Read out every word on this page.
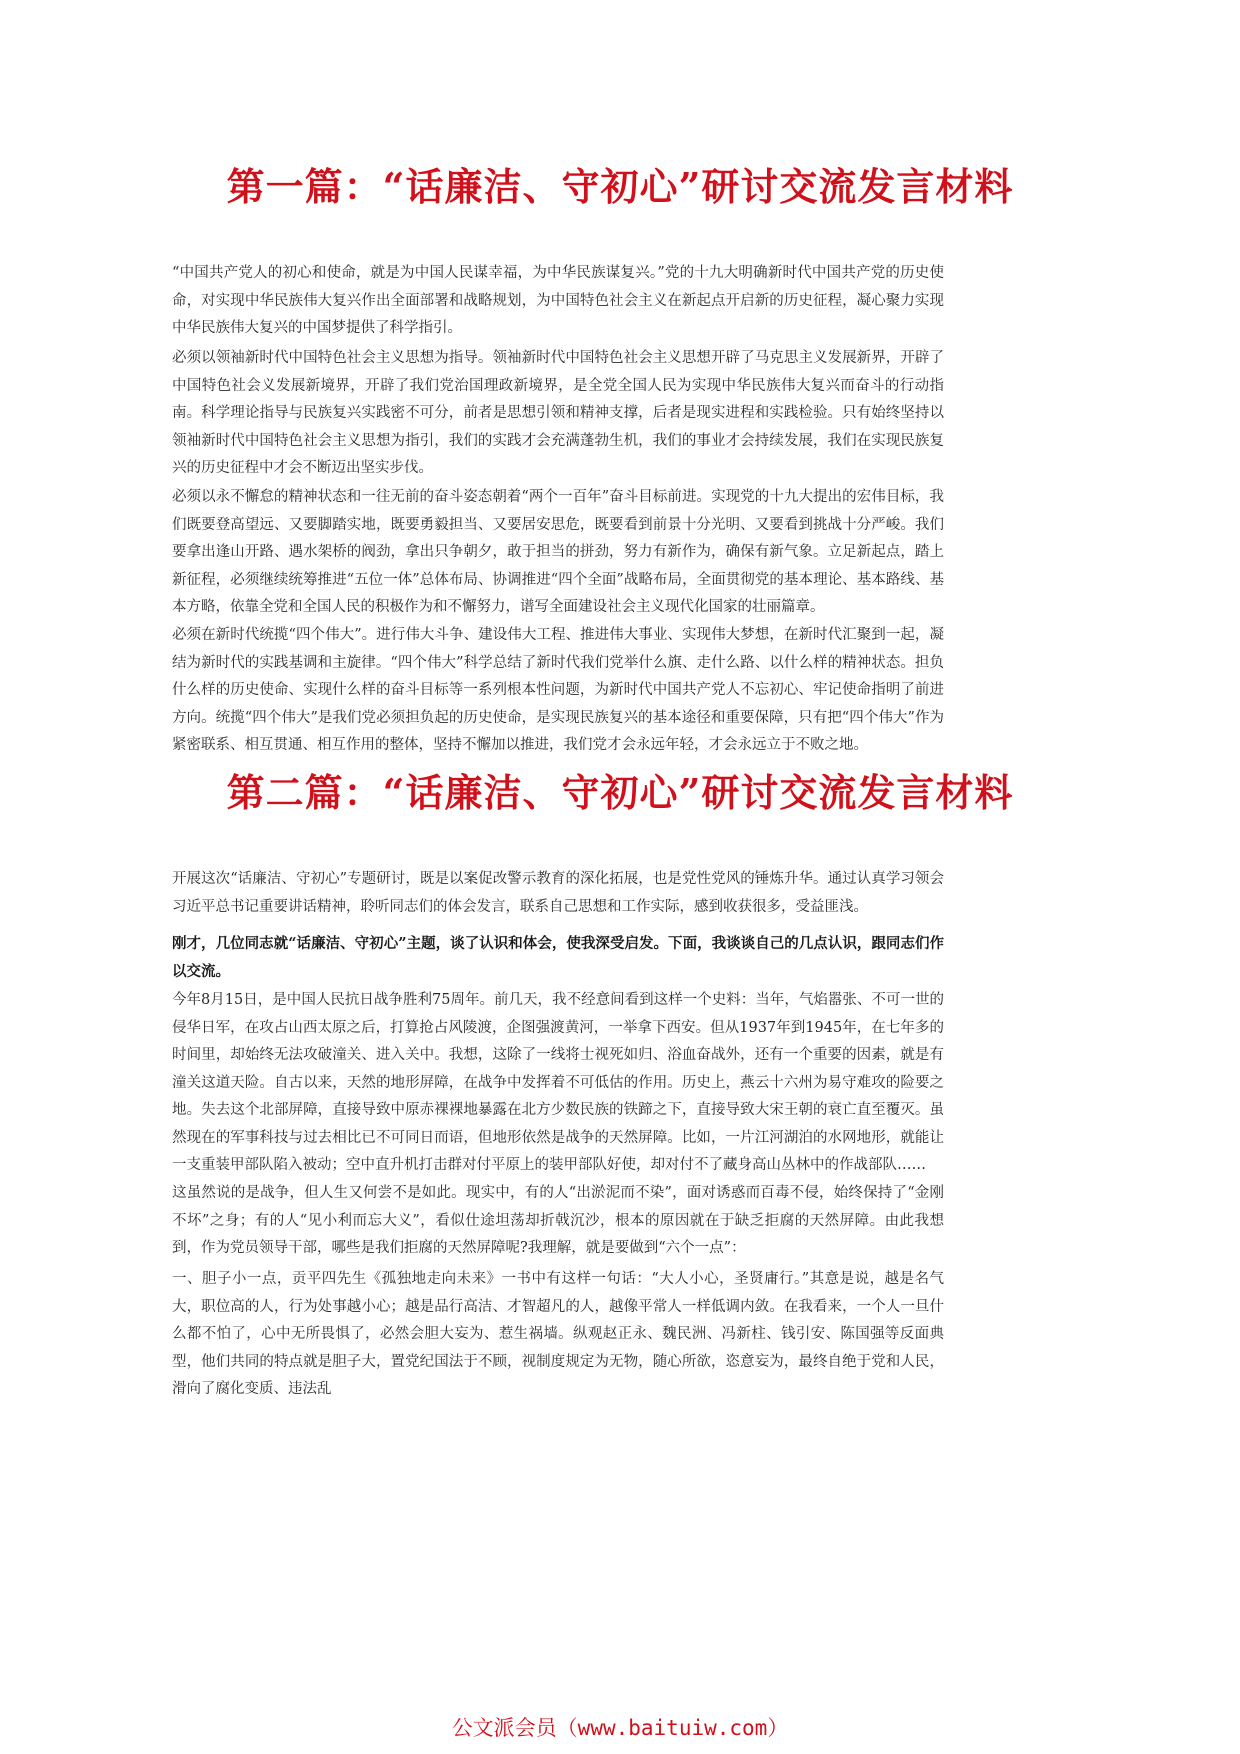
第一篇：“话廉洁、守初心”研讨交流发言材料

“中国共产党人的初心和使命，就是为中国人民谋幸福，为中华民族谋复兴。”党的十九大明确新时代中国共产党的历史使命，对实现中华民族伟大复兴作出全面部署和战略规划，为中国特色社会主义在新起点开启新的历史征程，凝心聚力实现中华民族伟大复兴的中国梦提供了科学指引。

必须以领袖新时代中国特色社会主义思想为指导。领袖新时代中国特色社会主义思想开辟了马克思主义发展新界，开辟了中国特色社会义发展新境界，开辟了我们党治国理政新境界，是全党全国人民为实现中华民族伟大复兴而奋斗的行动指南。科学理论指导与民族复兴实践密不可分，前者是思想引领和精神支撑，后者是现实进程和实践检验。只有始终坚持以领袖新时代中国特色社会主义思想为指引，我们的实践才会充满蓬勃生机，我们的事业才会持续发展，我们在实现民族复兴的历史征程中才会不断迈出坚实步伐。

必须以永不懈怠的精神状态和一往无前的奋斗姿态朝着“两个一百年”奋斗目标前进。实现党的十九大提出的宏伟目标，我们既要登高望远、又要脚踏实地，既要勇毅担当、又要居安思危，既要看到前景十分光明、又要看到挑战十分严峻。我们要拿出逢山开路、遇水架桥的阀劲，拿出只争朝夕，敢于担当的拼劲，努力有新作为，确保有新气象。立足新起点，踏上新征程，必须继续统筹推进“五位一体”总体布局、协调推进“四个全面”战略布局，全面贯彻党的基本理论、基本路线、基本方略，依靠全党和全国人民的积极作为和不懈努力，谱写全面建设社会主义现代化国家的壮丽篇章。

必须在新时代统揽“四个伟大”。进行伟大斗争、建设伟大工程、推进伟大事业、实现伟大梦想，在新时代汇聚到一起，凝结为新时代的实践基调和主旋律。“四个伟大”科学总结了新时代我们党举什么旗、走什么路、以什么样的精神状态。担负什么样的历史使命、实现什么样的奋斗目标等一系列根本性问题，为新时代中国共产党人不忘初心、牢记使命指明了前进方向。统揽“四个伟大”是我们党必须担负起的历史使命，是实现民族复兴的基本途径和重要保障，只有把“四个伟大”作为紧密联系、相互贯通、相互作用的整体，坚持不懈加以推进，我们党才会永远年轻，才会永远立于不败之地。

第二篇：“话廉洁、守初心”研讨交流发言材料

开展这次“话廉洁、守初心”专题研讨，既是以案促改警示教育的深化拓展，也是党性党风的锤炼升华。通过认真学习领会习近平总书记重要讲话精神，聆听同志们的体会发言，联系自己思想和工作实际，感到收获很多，受益匪浅。

刚才，几位同志就“话廉洁、守初心”主题，谈了认识和体会，使我深受启发。下面，我谈谈自己的几点认识，跟同志们作以交流。

今年8月15日，是中国人民抗日战争胜利75周年。前几天，我不经意间看到这样一个史料：当年，气焰嚣张、不可一世的侵华日军，在攻占山西太原之后，打算抢占风陵渡，企图强渡黄河，一举拿下西安。但从1937年到1945年，在七年多的时间里，却始终无法攻破潼关、进入关中。我想，这除了一线将士视死如归、浴血奋战外，还有一个重要的因素，就是有潼关这道天险。自古以来，天然的地形屏障，在战争中发挥着不可低估的作用。历史上，燕云十六州为易守难攻的险要之地。失去这个北部屏障，直接导致中原赤裸裸地暴露在北方少数民族的铁蹄之下，直接导致大宋王朝的衰亡直至覆灭。虽然现在的军事科技与过去相比已不可同日而语，但地形依然是战争的天然屏障。比如，一片江河湖泊的水网地形，就能让一支重装甲部队陷入被动；空中直升机打击群对付平原上的装甲部队好使，却对付不了藏身高山丛林中的作战部队……

这虽然说的是战争，但人生又何尝不是如此。现实中，有的人“出淤泥而不染”，面对诱惑而百毒不侵，始终保持了“金刚不坏”之身；有的人“见小利而忘大义”，看似仕途坦荡却折戟沉沙，根本的原因就在于缺乏拒腐的天然屏障。由此我想到，作为党员领导干部，哪些是我们拒腐的天然屏障呢?我理解，就是要做到“六个一点”：

一、胆子小一点，贡平四先生《孤独地走向未来》一书中有这样一句话：“大人小心，圣贤庸行。”其意是说，越是名气大，职位高的人，行为处事越小心；越是品行高洁、才智超凡的人，越像平常人一样低调内敛。在我看来，一个人一旦什么都不怕了，心中无所畏惧了，必然会胆大妄为、惹生祸墙。纵观赵正永、魏民洲、冯新柱、钱引安、陈国强等反面典型，他们共同的特点就是胆子大，置党纪国法于不顾，视制度规定为无物，随心所欲，恣意妄为，最终自绝于党和人民，滑向了腐化变质、违法乱

公文派会员（www.baituiw.com）
